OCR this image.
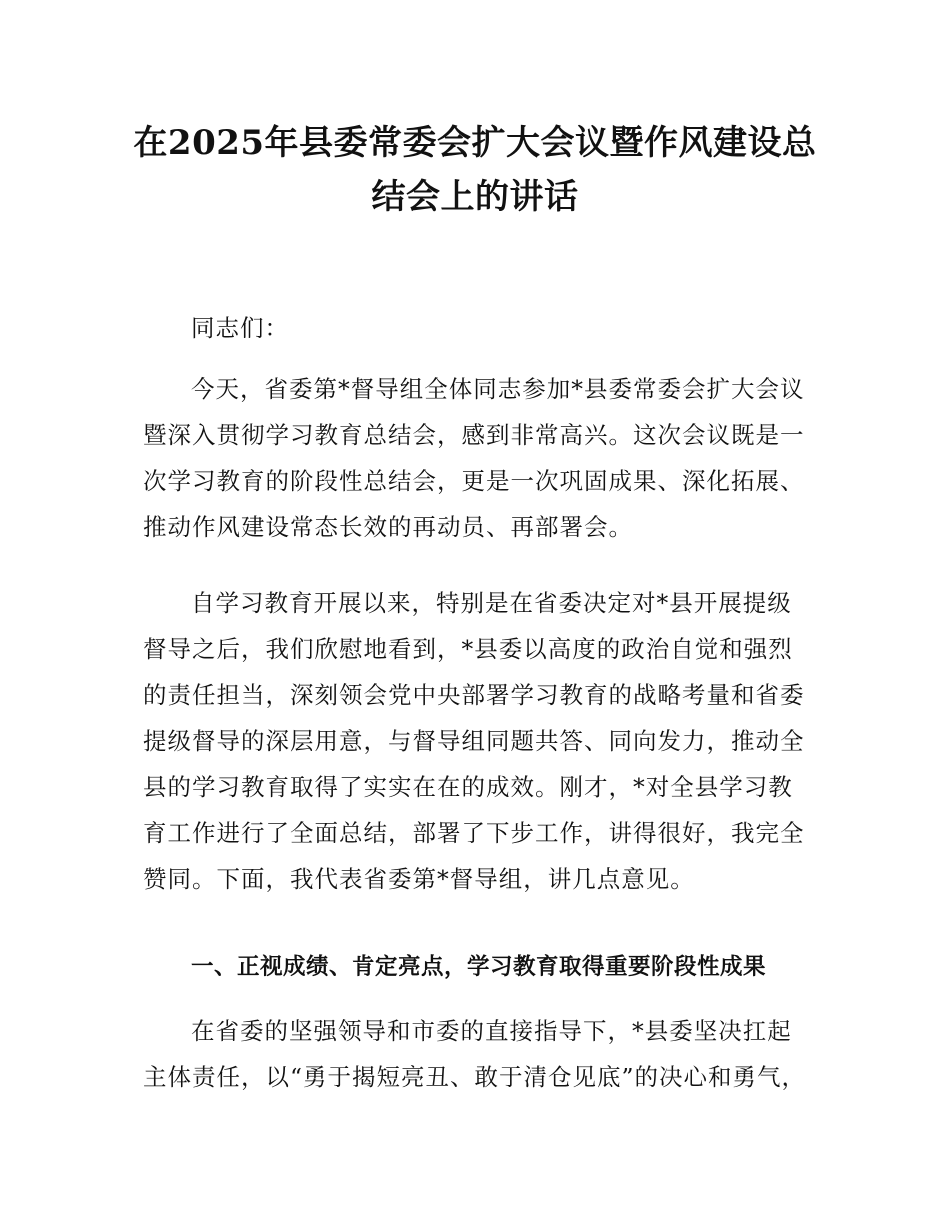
在2025年县委常委会扩大会议暨作风建设总
结会上的讲话

同志们：

今天，省委第*督导组全体同志参加*县委常委会扩大会议
暨深入贯彻学习教育总结会，感到非常高兴。这次会议既是一
次学习教育的阶段性总结会，更是一次巩固成果、深化拓展、
推动作风建设常态长效的再动员、再部署会。

自学习教育开展以来，特别是在省委决定对*县开展提级
督导之后，我们欣慰地看到，*县委以高度的政治自觉和强烈
的责任担当，深刻领会党中央部署学习教育的战略考量和省委
提级督导的深层用意，与督导组同题共答、同向发力，推动全
县的学习教育取得了实实在在的成效。刚才，*对全县学习教
育工作进行了全面总结，部署了下步工作，讲得很好，我完全
赞同。下面，我代表省委第*督导组，讲几点意见。

一、正视成绩、肯定亮点，学习教育取得重要阶段性成果

在省委的坚强领导和市委的直接指导下，*县委坚决扛起
主体责任，以“勇于揭短亮丑、敢于清仓见底”的决心和勇气，
